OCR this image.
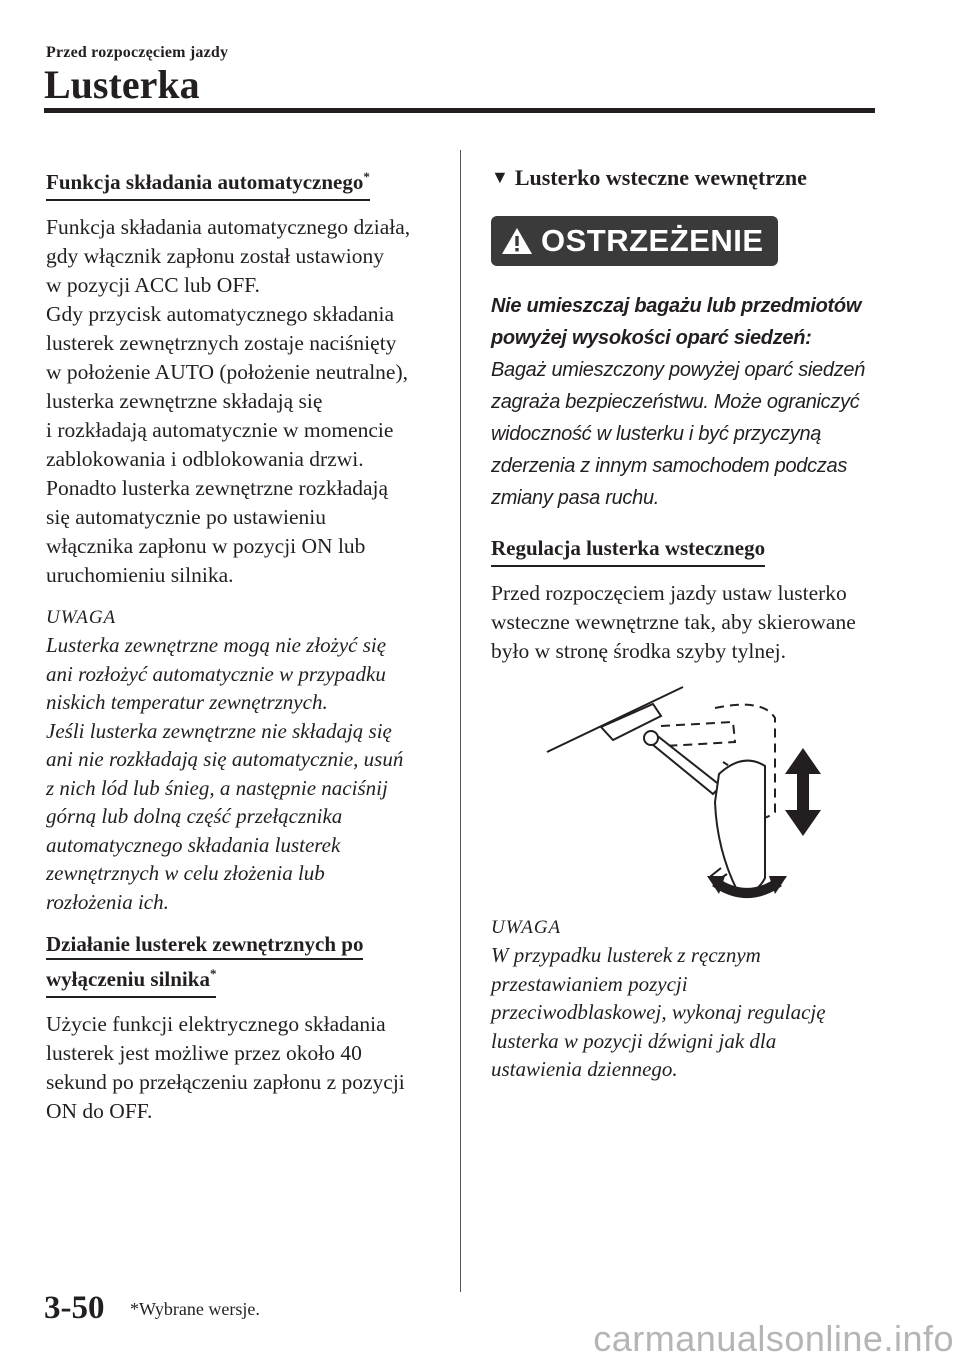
Przed rozpoczęciem jazdy
Lusterka
Funkcja składania automatycznego*

Funkcja składania automatycznego działa,

gdy włącznik zapłonu został ustawiony

w pozycji ACC lub OFF.

Gdy przycisk automatycznego składania

lusterek zewnętrznych zostaje naciśnięty

w położenie AUTO (położenie neutralne),

lusterka zewnętrzne składają się

i rozkładają automatycznie w momencie

zablokowania i odblokowania drzwi.

Ponadto lusterka zewnętrzne rozkładają

się automatycznie po ustawieniu

włącznika zapłonu w pozycji ON lub

uruchomieniu silnika.

UWAGA

Lusterka zewnętrzne mogą nie złożyć się

ani rozłożyć automatycznie w przypadku

niskich temperatur zewnętrznych.

Jeśli lusterka zewnętrzne nie składają się

ani nie rozkładają się automatycznie, usuń

z nich lód lub śnieg, a następnie naciśnij

górną lub dolną część przełącznika

automatycznego składania lusterek

zewnętrznych w celu złożenia lub

rozłożenia ich.

Działanie lusterek zewnętrznych po
wyłączeniu silnika*

Użycie funkcji elektrycznego składania

lusterek jest możliwe przez około 40

sekund po przełączeniu zapłonu z pozycji

ON do OFF.

▼ Lusterko wsteczne wewnętrzne
OSTRZEŻENIE

Nie umieszczaj bagażu lub przedmiotów

powyżej wysokości oparć siedzeń:

Bagaż umieszczony powyżej oparć siedzeń

zagraża bezpieczeństwu. Może ograniczyć

widoczność w lusterku i być przyczyną

zderzenia z innym samochodem podczas

zmiany pasa ruchu.

Regulacja lusterka wstecznego

Przed rozpoczęciem jazdy ustaw lusterko

wsteczne wewnętrzne tak, aby skierowane

było w stronę środka szyby tylnej.

UWAGA

W przypadku lusterek z ręcznym

przestawianiem pozycji

przeciwodblaskowej, wykonaj regulację

lusterka w pozycji dźwigni jak dla

ustawienia dziennego.

3-50 *Wybrane wersje.
carmanualsonline.info
